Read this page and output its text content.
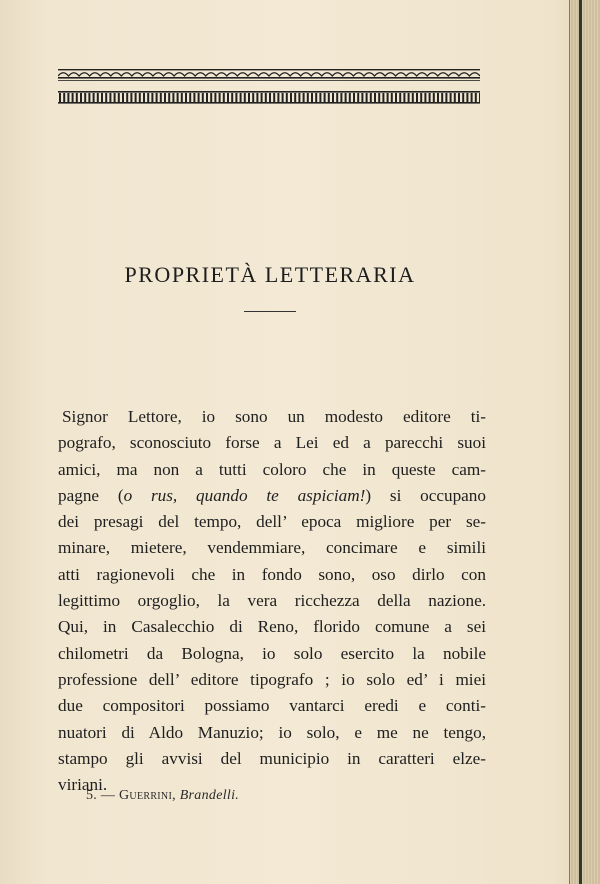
PROPRIETÀ LETTERARIA
Signor Lettore, io sono un modesto editore ti-
pografo, sconosciuto forse a Lei ed a parecchi suoi
amici, ma non a tutti coloro che in queste cam-
pagne (o rus, quando te aspiciam!) si occupano
dei presagi del tempo, dell’ epoca migliore per se-
minare, mietere, vendemmiare, concimare e simili
atti ragionevoli che in fondo sono, oso dirlo con
legittimo orgoglio, la vera ricchezza della nazione.
Qui, in Casalecchio di Reno, florido comune a sei
chilometri da Bologna, io solo esercito la nobile
professione dell’ editore tipografo ; io solo ed’ i miei
due compositori possiamo vantarci eredi e conti-
nuatori di Aldo Manuzio; io solo, e me ne tengo,
stampo gli avvisi del municipio in caratteri elze-
viriani.
5. — Guerrini, Brandelli.
